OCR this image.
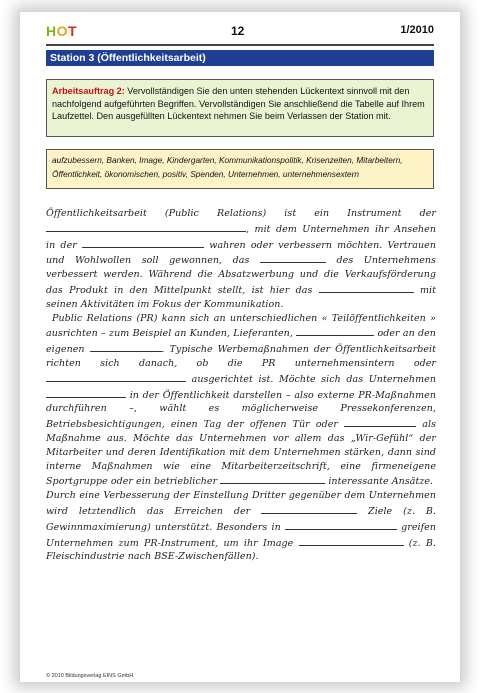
HOT	12	1/2010
Station 3 (Öffentlichkeitsarbeit)
Arbeitsauftrag 2: Vervollständigen Sie den unten stehenden Lückentext sinnvoll mit den nachfolgend aufgeführten Begriffen. Vervollständigen Sie anschließend die Tabelle auf Ihrem Laufzettel. Den ausgefüllten Lückentext nehmen Sie beim Verlassen der Station mit.
aufzubessern, Banken, Image, Kindergarten, Kommunikationspolitik, Krisenzeiten, Mitarbeitern, Öffentlichkeit, ökonomischen, positiv, Spenden, Unternehmen, unternehmensextern

Öffentlichkeitsarbeit (Public Relations) ist ein Instrument der , mit dem Unternehmen ihr Ansehen in der	wahren oder verbessern möchten. Vertrauen und Wohlwollen soll gewonnen, das	des Unternehmens verbessert werden. Während die Absatzwerbung und die Verkaufsförderung das Produkt in den Mittelpunkt stellt, ist hier das	mit seinen Aktivitäten im Fokus der Kommunikation.

Public Relations (PR) kann sich an unterschiedlichen « Teilöffentlichkeiten » ausrichten – zum Beispiel an Kunden, Lieferanten,	oder an den eigenen	. Typische Werbemaßnahmen der Öffentlichkeitsarbeit richten sich danach, ob die PR unternehmensintern oder  ausgerichtet ist. Möchte sich das Unternehmen  in der Öffentlichkeit darstellen – also externe PR-Maßnahmen durchführen –, wählt es möglicherweise Pressekonferenzen, Betriebsbesichtigungen, einen Tag der offenen Tür oder	als Maßnahme aus. Möchte das Unternehmen vor allem das „Wir-Gefühl“ der Mitarbeiter und deren Identifikation mit dem Unternehmen stärken, dann sind interne Maßnahmen wie eine Mitarbeiterzeitschrift, eine firmeneigene Sportgruppe oder ein betrieblicher	interessante Ansätze.

Durch eine Verbesserung der Einstellung Dritter gegenüber dem Unternehmen wird letztendlich das Erreichen der	Ziele (z. B. Gewinnmaximierung) unterstützt. Besonders in	greifen Unternehmen zum PR-Instrument, um ihr Image	(z. B. Fleischindustrie nach BSE-Zwischenfällen).

© 2010 Bildungsverlag EINS GmbH
